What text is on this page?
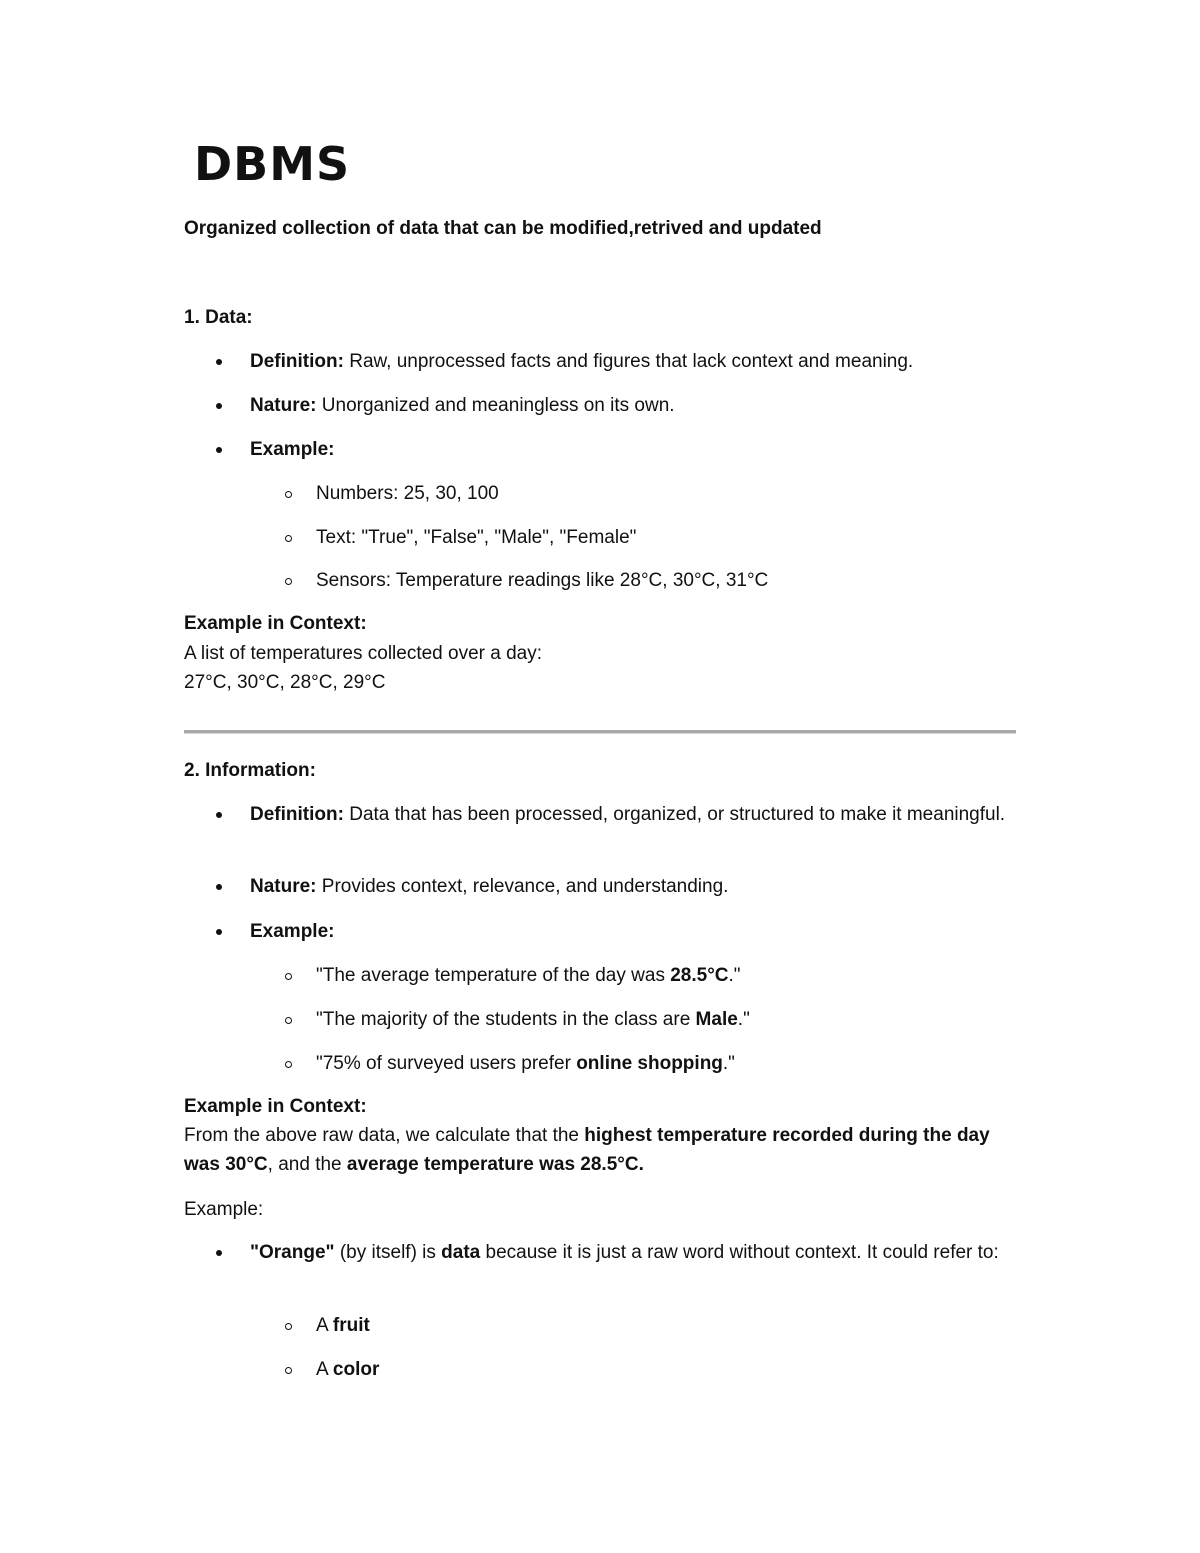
DBMS

Organized collection of data that can be modified,retrived and updated

1. Data:

Definition: Raw, unprocessed facts and figures that lack context and meaning.

Nature: Unorganized and meaningless on its own.

Example:

Numbers: 25, 30, 100

Text: "True", "False", "Male", "Female"

Sensors: Temperature readings like 28°C, 30°C, 31°C

Example in Context:

A list of temperatures collected over a day:

27°C, 30°C, 28°C, 29°C

2. Information:

Definition: Data that has been processed, organized, or structured to make it meaningful.

Nature: Provides context, relevance, and understanding.

Example:

"The average temperature of the day was 28.5°C."

"The majority of the students in the class are Male."

"75% of surveyed users prefer online shopping."

Example in Context:

From the above raw data, we calculate that the highest temperature recorded during the day was 30°C, and the average temperature was 28.5°C.

Example:

"Orange" (by itself) is data because it is just a raw word without context. It could refer to:

A fruit

A color
